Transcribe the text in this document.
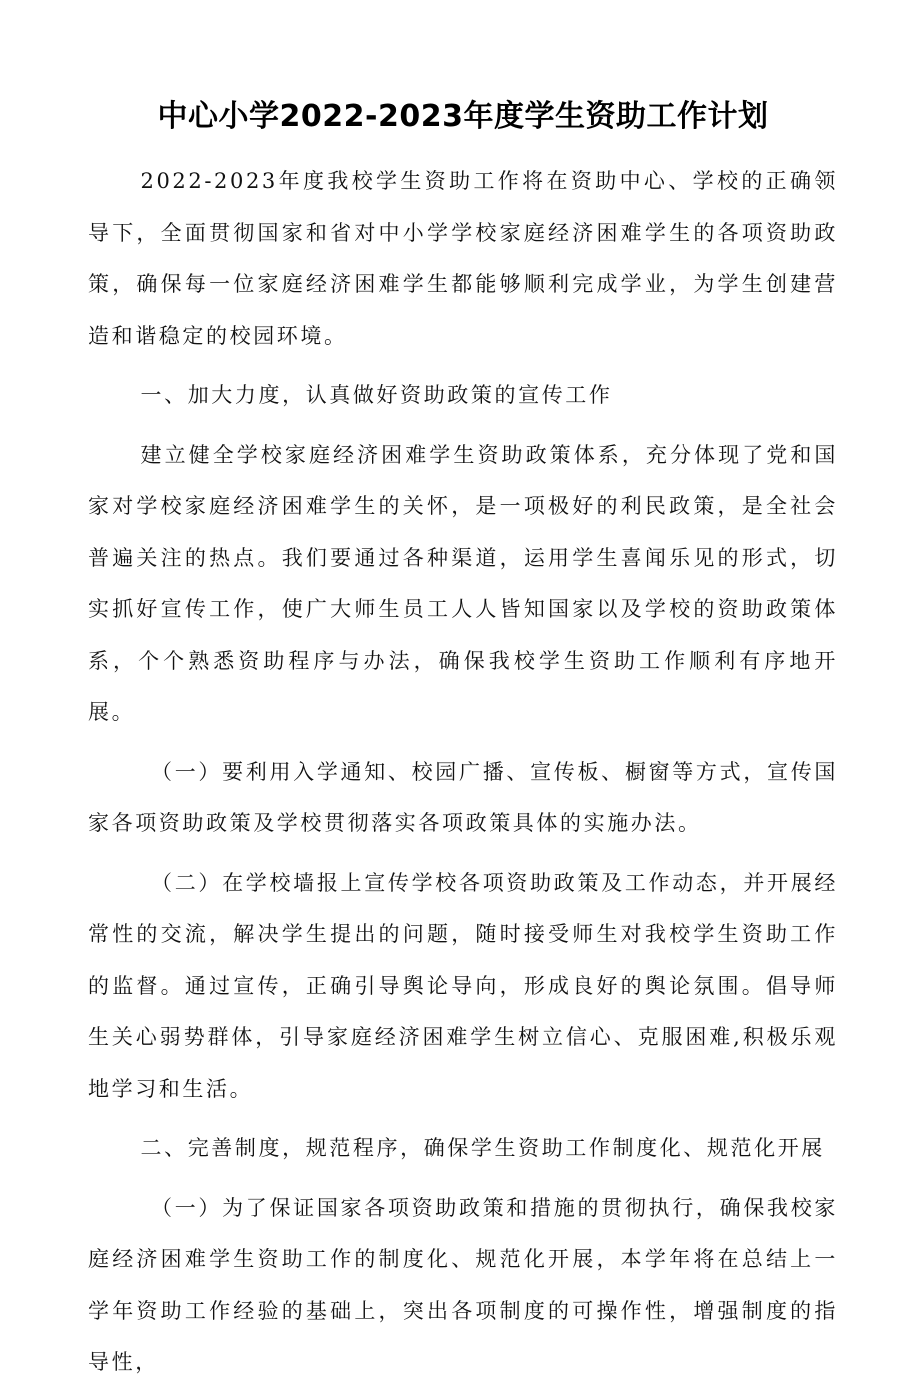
中心小学2022-2023年度学生资助工作计划

2022-2023年度我校学生资助工作将在资助中心、学校的正确领导下，全面贯彻国家和省对中小学学校家庭经济困难学生的各项资助政策，确保每一位家庭经济困难学生都能够顺利完成学业，为学生创建营造和谐稳定的校园环境。

一、加大力度，认真做好资助政策的宣传工作

建立健全学校家庭经济困难学生资助政策体系，充分体现了党和国家对学校家庭经济困难学生的关怀，是一项极好的利民政策，是全社会普遍关注的热点。我们要通过各种渠道，运用学生喜闻乐见的形式，切实抓好宣传工作，使广大师生员工人人皆知国家以及学校的资助政策体系，个个熟悉资助程序与办法，确保我校学生资助工作顺利有序地开展。

（一）要利用入学通知、校园广播、宣传板、橱窗等方式，宣传国家各项资助政策及学校贯彻落实各项政策具体的实施办法。

（二）在学校墙报上宣传学校各项资助政策及工作动态，并开展经常性的交流，解决学生提出的问题，随时接受师生对我校学生资助工作的监督。通过宣传，正确引导舆论导向，形成良好的舆论氛围。倡导师生关心弱势群体，引导家庭经济困难学生树立信心、克服困难,积极乐观地学习和生活。

二、完善制度，规范程序，确保学生资助工作制度化、规范化开展

（一）为了保证国家各项资助政策和措施的贯彻执行，确保我校家庭经济困难学生资助工作的制度化、规范化开展，本学年将在总结上一学年资助工作经验的基础上，突出各项制度的可操作性，增强制度的指导性，
